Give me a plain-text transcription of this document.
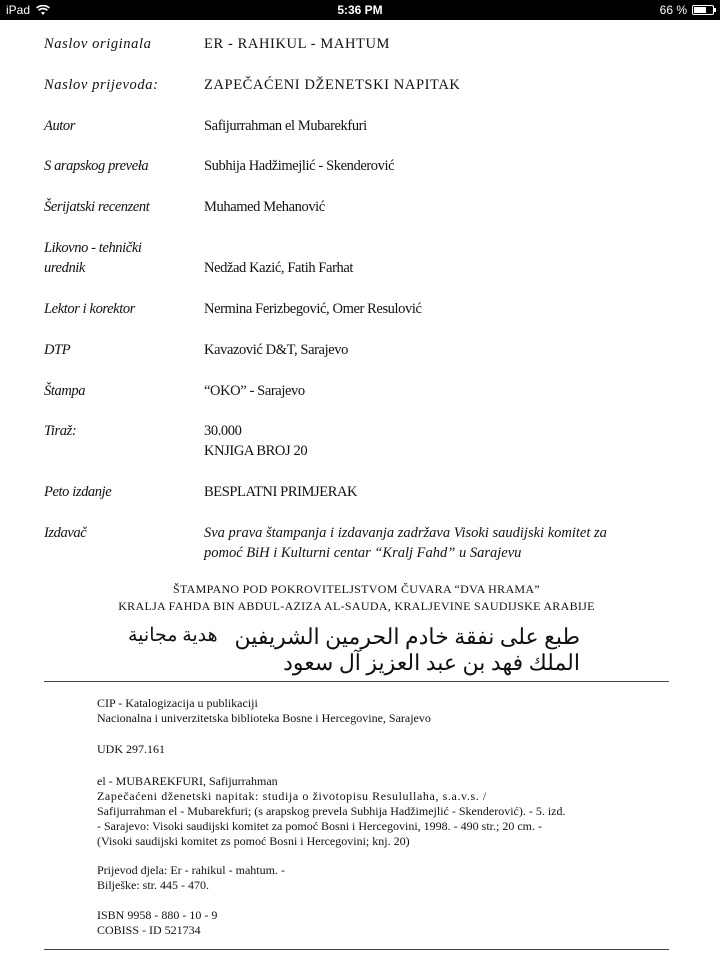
iPad	5:36 PM	66 %
Naslov originala	ER - RAHIKUL - MAHTUM
Naslov prijevoda:	ZAPEČAĆENI DŽENETSKI NAPITAK
Autor	Safijurrahman el Mubarekfuri
S arapskog preveła	Subhija Hadžimejlić - Skenderović
Šerijatski recenzent	Muhamed Mehanović
Likovno - tehnički
urednik	Nedžad Kazić, Fatih Farhat
Lektor i korektor	Nermina Ferizbegović, Omer Resulović
DTP	Kavazović D&T, Sarajevo
Štampa	“OKO” - Sarajevo
Tiraž:	30.000
KNJIGA BROJ 20
Peto izdanje	BESPLATNI PRIMJERAK
Izdavač	Sva prava štampanja i izdavanja zadržava Visoki saudijski komitet za
pomoć BiH i Kulturni centar “Kralj Fahd” u Sarajevu
ŠTAMPANO POD POKROVITELJSTVOM ČUVARA “DVA HRAMA”
KRALJA FAHDA BIN ABDUL-AZIZA AL-SAUDA, KRALJEVINE SAUDIJSKE ARABIJE
طبع على نفقة خادم الحرمين الشريفين الملك فهد بن عبد العزيز آل سعود
هدية مجانية
CIP - Katalogizacija u publikaciji
Nacionalna i univerzitetska biblioteka Bosne i Hercegovine, Sarajevo
UDK 297.161
el - MUBAREKFURI, Safijurrahman
Zapečaćeni dženetski napitak: studija o životopisu Resulullaha, s.a.v.s. /
Safijurrahman el - Mubarekfuri; (s arapskog prevela Subhija Hadžimejlić - Skenderović). - 5. izd.
- Sarajevo: Visoki saudijski komitet za pomoć Bosni i Hercegovini, 1998. - 490 str.; 20 cm. -
(Visoki saudijski komitet zs pomoć Bosni i Hercegovini; knj. 20)
Prijevod djela: Er - rahikul - mahtum. -
Bilješke: str. 445 - 470.
ISBN 9958 - 880 - 10 - 9
COBISS - ID 521734
